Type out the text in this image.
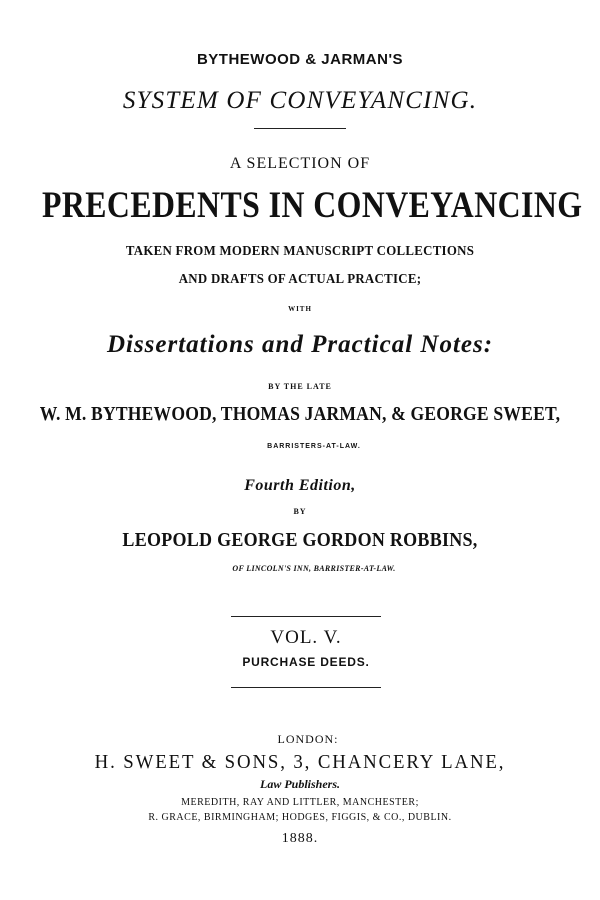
BYTHEWOOD & JARMAN'S
SYSTEM OF CONVEYANCING.
A SELECTION OF
PRECEDENTS IN CONVEYANCING
TAKEN FROM MODERN MANUSCRIPT COLLECTIONS
AND DRAFTS OF ACTUAL PRACTICE;
WITH
Dissertations and Practical Notes:
BY THE LATE
W. M. BYTHEWOOD, THOMAS JARMAN, & GEORGE SWEET,
BARRISTERS-AT-LAW.
Fourth Edition,
BY
LEOPOLD GEORGE GORDON ROBBINS,
OF LINCOLN'S INN, BARRISTER-AT-LAW.
VOL. V.
PURCHASE DEEDS.
LONDON:
H. SWEET & SONS, 3, CHANCERY LANE,
Law Publishers.
MEREDITH, RAY AND LITTLER, MANCHESTER;
R. GRACE, BIRMINGHAM; HODGES, FIGGIS, & CO., DUBLIN.
1888.
